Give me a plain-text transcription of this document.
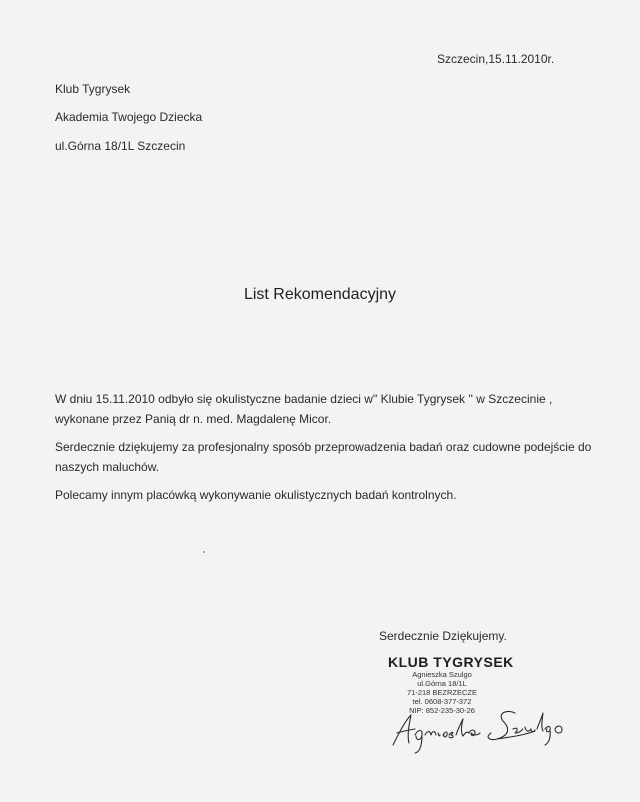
Szczecin,15.11.2010r.
Klub Tygrysek
Akademia Twojego Dziecka
ul.Górna 18/1L Szczecin
List Rekomendacyjny
W dniu 15.11.2010 odbyło się okulistyczne badanie dzieci w" Klubie Tygrysek '' w Szczecinie , wykonane przez Panią dr n. med. Magdalenę Micor.
Serdecznie dziękujemy za profesjonalny sposób przeprowadzenia badań oraz cudowne podejście do naszych maluchów.
Polecamy innym placówką wykonywanie okulistycznych badań kontrolnych.
Serdecznie Dziękujemy.
KLUB TYGRYSEK
Agnieszka Szulgo
ul.Górna 18/1L
71-218 BEZRZECZE
tel. 0608-377-372
NIP: 852-235-30-26
